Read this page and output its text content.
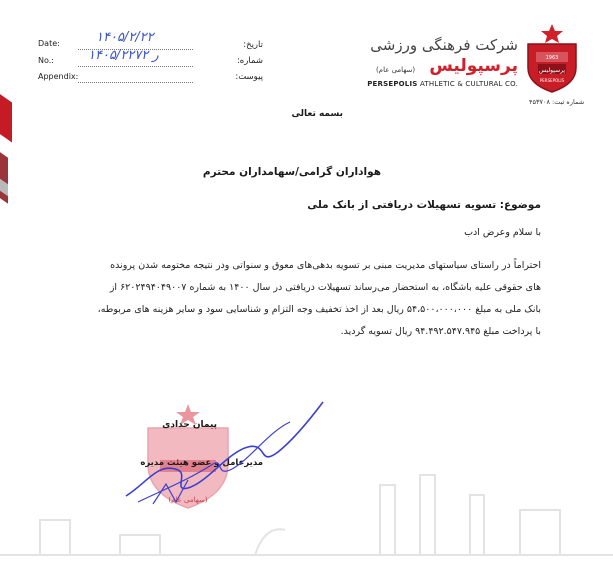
Date:
No.:
Appendix:
۱۴۰۵/۲/۲۲
۱۴۰۵/ر ۲۲۷۲
تاریخ:
شماره:
پیوست:
شرکت فرهنگی ورزشی
پرسپولیس
(سهامی عام)
PERSEPOLIS ATHLETIC & CULTURAL CO.
شماره ثبت: ۴۵۳۷۰۸
پرسپولیس
1963
PERSEPOLIS
بسمه تعالی
هواداران گرامی/سهامداران محترم
موضوع: تسویه تسهیلات دریافتی از بانک ملی
با سلام وعرض ادب
احتراماً در راستای سیاستهای مدیریت مبنی بر تسویه بدهی‌های معوق و سنواتی ودر نتیجه مختومه شدن پرونده
های حقوقی علیه باشگاه، به استحضار می‌رساند تسهیلات دریافتی در سال ۱۴۰۰ به شماره ۶۲۰۲۴۹۴۰۴۹۰۰۷ از
بانک ملی به مبلغ ۵۴،۵۰۰،۰۰۰،۰۰۰ ریال بعد از اخذ تخفیف وجه التزام و شناسایی سود و سایر هزینه های مربوطه،
با پرداخت مبلغ ۹۴.۴۹۲.۵۴۷.۹۴۵ ریال تسویه گردید.
(سهامی عام)
پیمان حدادی
مدیرعامل و عضو هیئت مدیره
